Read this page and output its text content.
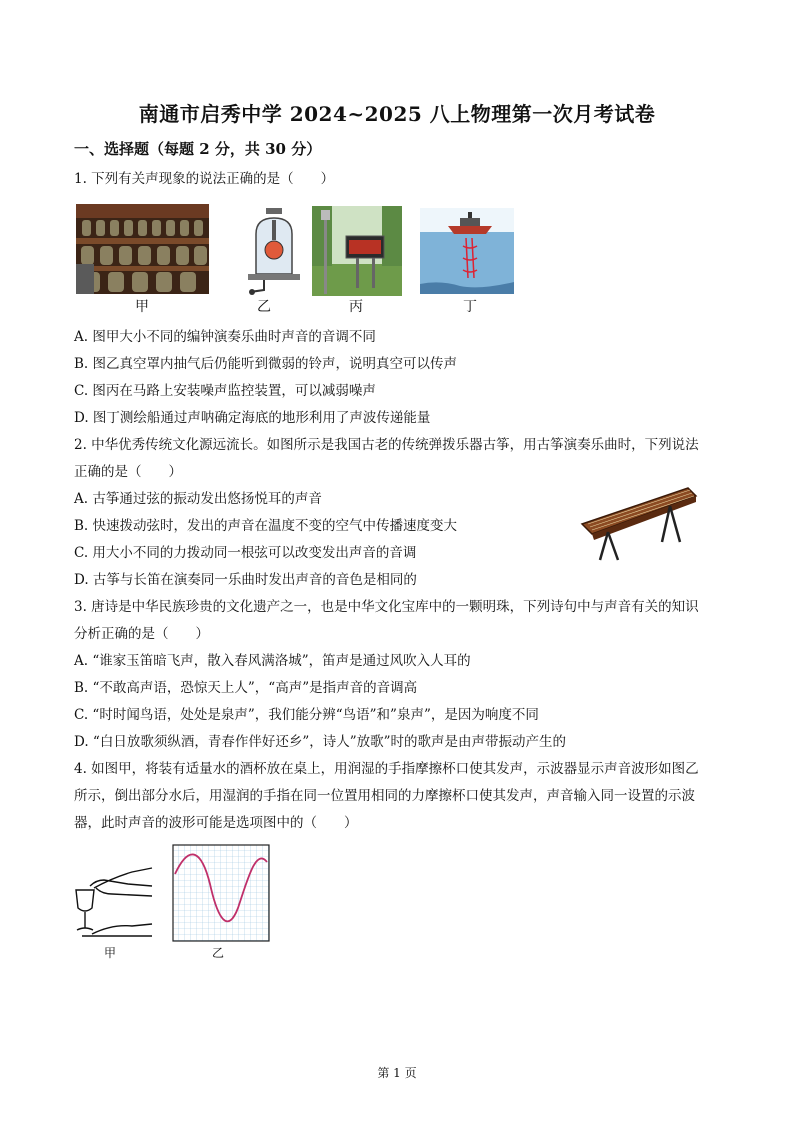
南通市启秀中学 2024~2025 八上物理第一次月考试卷
一、选择题（每题 2 分，共 30 分）
1. 下列有关声现象的说法正确的是（　　）
甲	乙	丙	丁
A. 图甲大小不同的编钟演奏乐曲时声音的音调不同
B. 图乙真空罩内抽气后仍能听到微弱的铃声，说明真空可以传声
C. 图丙在马路上安装噪声监控装置，可以减弱噪声
D. 图丁测绘船通过声呐确定海底的地形利用了声波传递能量
2. 中华优秀传统文化源远流长。如图所示是我国古老的传统弹拨乐器古筝，用古筝演奏乐曲时，下列说法
正确的是（　　）
A. 古筝通过弦的振动发出悠扬悦耳的声音
B. 快速拨动弦时，发出的声音在温度不变的空气中传播速度变大
C. 用大小不同的力拨动同一根弦可以改变发出声音的音调
D. 古筝与长笛在演奏同一乐曲时发出声音的音色是相同的
3. 唐诗是中华民族珍贵的文化遗产之一，也是中华文化宝库中的一颗明珠，下列诗句中与声音有关的知识
分析正确的是（　　）
A. “谁家玉笛暗飞声，散入春风满洛城”，笛声是通过风吹入人耳的
B. “不敢高声语，恐惊天上人”，“高声”是指声音的音调高
C. “时时闻鸟语，处处是泉声”，我们能分辨“鸟语”和”泉声”，是因为响度不同
D. “白日放歌须纵酒，青春作伴好还乡”，诗人”放歌”时的歌声是由声带振动产生的
4. 如图甲，将装有适量水的酒杯放在桌上，用润湿的手指摩擦杯口使其发声，示波器显示声音波形如图乙
所示，倒出部分水后，用湿润的手指在同一位置用相同的力摩擦杯口使其发声，声音输入同一设置的示波
器，此时声音的波形可能是选项图中的（　　）
甲	乙
第 1 页
